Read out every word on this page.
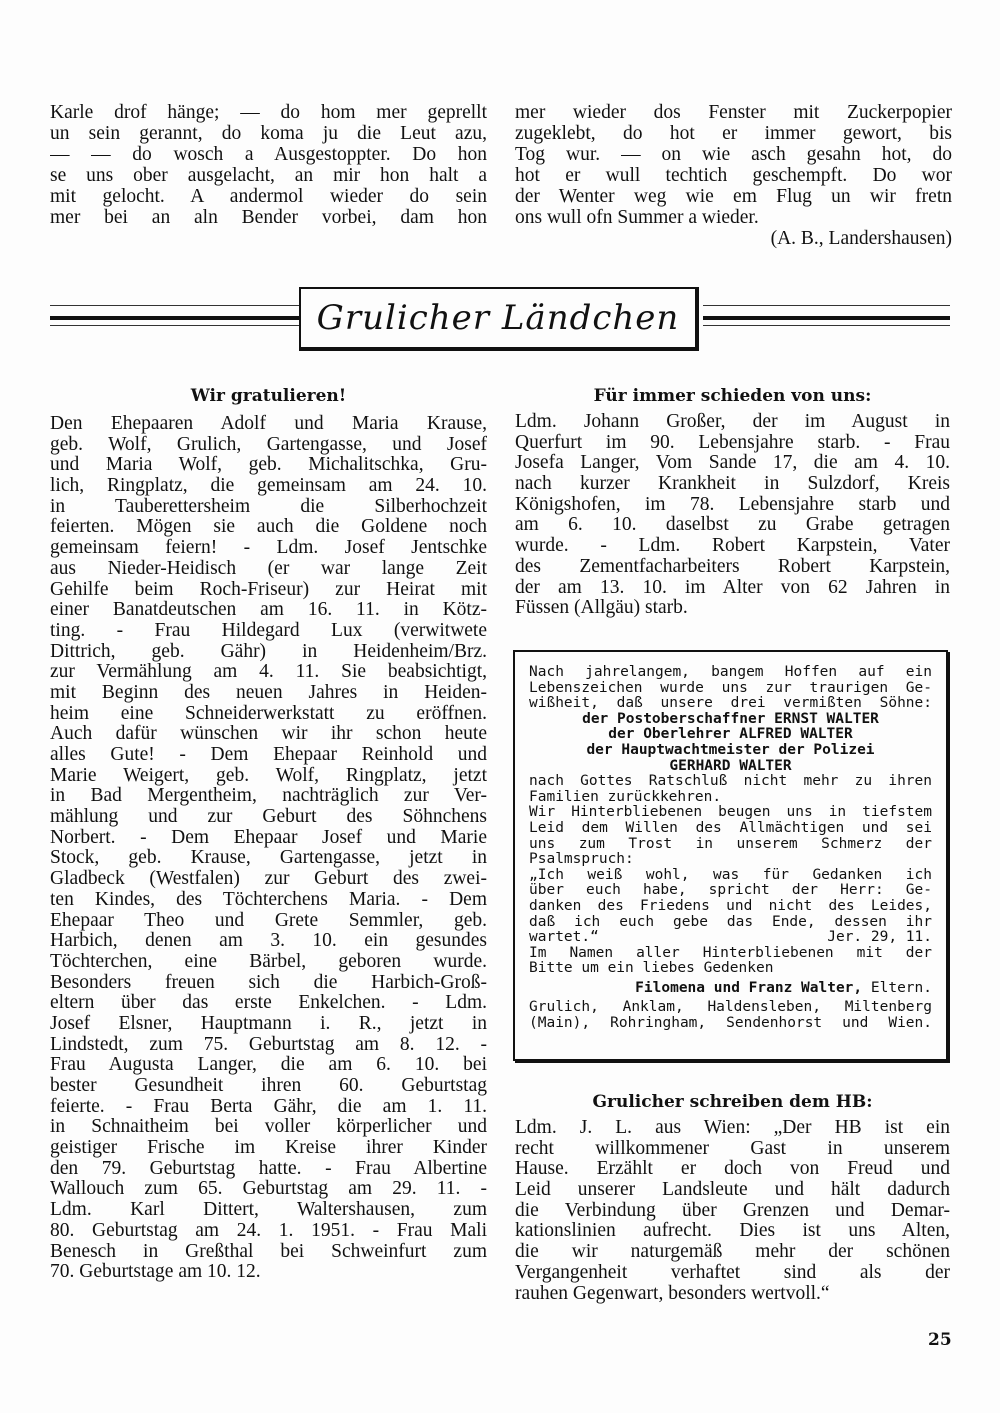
Karle drof hänge; — do hom mer geprellt
un sein gerannt, do koma ju die Leut azu,
— — do wosch a Ausgestoppter. Do hon
se uns ober ausgelacht, an mir hon halt a
mit gelocht. A andermol wieder do sein
mer bei an aln Bender vorbei, dam hon
mer wieder dos Fenster mit Zuckerpopier
zugeklebt, do hot er immer gewort, bis
Tog wur. — on wie asch gesahn hot, do
hot er wull techtich geschempft. Do wor
der Wenter weg wie em Flug un wir fretn
ons wull ofn Summer a wieder.
(A. B., Landershausen)
Grulicher Ländchen
Wir gratulieren!
Den Ehepaaren Adolf und Maria Krause,
geb. Wolf, Grulich, Gartengasse, und Josef
und Maria Wolf, geb. Michalitschka, Gru-
lich, Ringplatz, die gemeinsam am 24. 10.
in Tauberettersheim die Silberhochzeit
feierten. Mögen sie auch die Goldene noch
gemeinsam feiern! - Ldm. Josef Jentschke
aus Nieder-Heidisch (er war lange Zeit
Gehilfe beim Roch-Friseur) zur Heirat mit
einer Banatdeutschen am 16. 11. in Kötz-
ting. - Frau Hildegard Lux (verwitwete
Dittrich, geb. Gähr) in Heidenheim/Brz.
zur Vermählung am 4. 11. Sie beabsichtigt,
mit Beginn des neuen Jahres in Heiden-
heim eine Schneiderwerkstatt zu eröffnen.
Auch dafür wünschen wir ihr schon heute
alles Gute! - Dem Ehepaar Reinhold und
Marie Weigert, geb. Wolf, Ringplatz, jetzt
in Bad Mergentheim, nachträglich zur Ver-
mählung und zur Geburt des Söhnchens
Norbert. - Dem Ehepaar Josef und Marie
Stock, geb. Krause, Gartengasse, jetzt in
Gladbeck (Westfalen) zur Geburt des zwei-
ten Kindes, des Töchterchens Maria. - Dem
Ehepaar Theo und Grete Semmler, geb.
Harbich, denen am 3. 10. ein gesundes
Töchterchen, eine Bärbel, geboren wurde.
Besonders freuen sich die Harbich-Groß-
eltern über das erste Enkelchen. - Ldm.
Josef Elsner, Hauptmann i. R., jetzt in
Lindstedt, zum 75. Geburtstag am 8. 12. -
Frau Augusta Langer, die am 6. 10. bei
bester Gesundheit ihren 60. Geburtstag
feierte. - Frau Berta Gähr, die am 1. 11.
in Schnaitheim bei voller körperlicher und
geistiger Frische im Kreise ihrer Kinder
den 79. Geburtstag hatte. - Frau Albertine
Wallouch zum 65. Geburtstag am 29. 11. -
Ldm. Karl Dittert, Waltershausen, zum
80. Geburtstag am 24. 1. 1951. - Frau Mali
Benesch in Greßthal bei Schweinfurt zum
70. Geburtstage am 10. 12.
Für immer schieden von uns:
Ldm. Johann Großer, der im August in
Querfurt im 90. Lebensjahre starb. - Frau
Josefa Langer, Vom Sande 17, die am 4. 10.
nach kurzer Krankheit in Sulzdorf, Kreis
Königshofen, im 78. Lebensjahre starb und
am 6. 10. daselbst zu Grabe getragen
wurde. - Ldm. Robert Karpstein, Vater
des Zementfacharbeiters Robert Karpstein,
der am 13. 10. im Alter von 62 Jahren in
Füssen (Allgäu) starb.
Nach jahrelangem, bangem Hoffen auf ein
Lebenszeichen wurde uns zur traurigen Ge-
wißheit, daß unsere drei vermißten Söhne:
der Postoberschaffner ERNST WALTER
der Oberlehrer ALFRED WALTER
der Hauptwachtmeister der Polizei
GERHARD WALTER
nach Gottes Ratschluß nicht mehr zu ihren
Familien zurückkehren.
Wir Hinterbliebenen beugen uns in tiefstem
Leid dem Willen des Allmächtigen und sei
uns zum Trost in unserem Schmerz der
Psalmspruch:
„Ich weiß wohl, was für Gedanken ich
über euch habe, spricht der Herr: Ge-
danken des Friedens und nicht des Leides,
daß ich euch gebe das Ende, dessen ihr
wartet.“	Jer. 29, 11.
Im Namen aller Hinterbliebenen mit der
Bitte um ein liebes Gedenken
Filomena und Franz Walter, Eltern.
Grulich, Anklam, Haldensleben, Miltenberg
(Main), Rohringham, Sendenhorst und Wien.
Grulicher schreiben dem HB:
Ldm. J. L. aus Wien: „Der HB ist ein
recht willkommener Gast in unserem
Hause. Erzählt er doch von Freud und
Leid unserer Landsleute und hält dadurch
die Verbindung über Grenzen und Demar-
kationslinien aufrecht. Dies ist uns Alten,
die wir naturgemäß mehr der schönen
Vergangenheit verhaftet sind als der
rauhen Gegenwart, besonders wertvoll.“
25
